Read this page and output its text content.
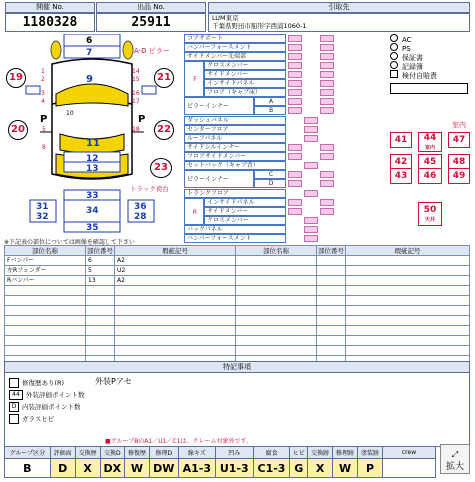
開催 No.
1180328
出品 No.
25911
引取先
LUM東京
千葉県野田市船形字西浦1060-1
6
7	A-D ピラー
9
19	21
20	22
23
1
2
3
4
5
8
14
15
16
17
18
10
P	P
11
12
13
トラック荷台
33
31
32
34	36
28
35
コアサポート
バンパーフォースメント
サイドメンバー先端部
F
クロスメンバー
サイドメンバー
インサイドパネル
フロア（キャブ床）
ピラーインナー
A
B
ダッシュパネル
センターフロア
ルーフパネル
サイドシルインナー
フロアサイドメンバー
セットバック（キャブ背）
ピラーインナー
C
D
トランクフロア
R
インサイドパネル
サイドメンバー
クロスメンバー
バックパネル
バンパーフォースメント
AC
PS
保証書
記録簿
検付自賠責
室内
41	44
室内
47
42	45	48
43	46	49
50
天井
※下記表の部位については画像を確認して下さい
部位名称	部位番号	瑕疵記号	部位名称	部位番号	瑕疵記号
Fバンパー	6	A2			
左Rフェンダー	5	U2			
Rバンパー	13	A2			

特記事項
外装Pアセ
修復歴あり(R)
44 外装評価ポイント数
D 内装評価ポイント数
ガラスヒビ
■グループBのA1／U1／C1は、クレーム対象外です。
グループ区分	評価面	交換歴	交換D	修復歴	修理D	線キズ	凹み	腐食	ヒビ	交換跡	修理跡	塗装跡	crew
B	D	X	DX	W	DW	A1-3	U1-3	C1-3	G	X	W	P	
⤢
拡大
